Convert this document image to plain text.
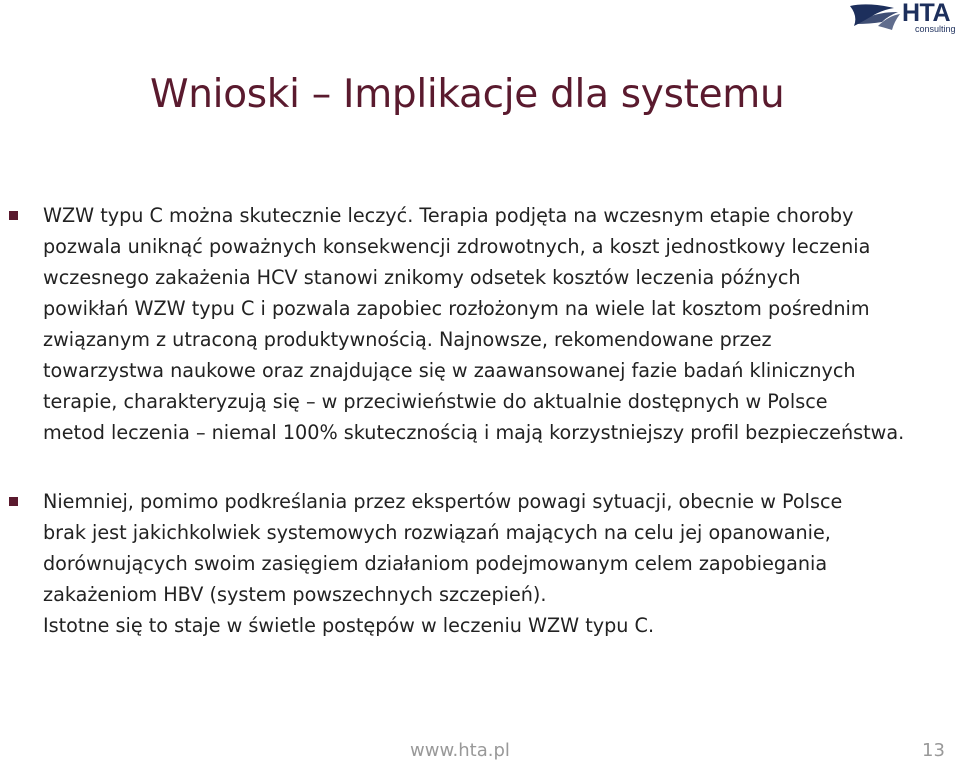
HTA
consulting
Wnioski – Implikacje dla systemu
WZW typu C można skutecznie leczyć. Terapia podjęta na wczesnym etapie choroby
pozwala uniknąć poważnych konsekwencji zdrowotnych, a koszt jednostkowy leczenia
wczesnego zakażenia HCV stanowi znikomy odsetek kosztów leczenia późnych
powikłań WZW typu C i pozwala zapobiec rozłożonym na wiele lat kosztom pośrednim
związanym z utraconą produktywnością. Najnowsze, rekomendowane przez
towarzystwa naukowe oraz znajdujące się w zaawansowanej fazie badań klinicznych
terapie, charakteryzują się – w przeciwieństwie do aktualnie dostępnych w Polsce
metod leczenia – niemal 100% skutecznością i mają korzystniejszy profil bezpieczeństwa.
Niemniej, pomimo podkreślania przez ekspertów powagi sytuacji, obecnie w Polsce
brak jest jakichkolwiek systemowych rozwiązań mających na celu jej opanowanie,
dorównujących swoim zasięgiem działaniom podejmowanym celem zapobiegania
zakażeniom HBV (system powszechnych szczepień).
Istotne się to staje w świetle postępów w leczeniu WZW typu C.
www.hta.pl	13
